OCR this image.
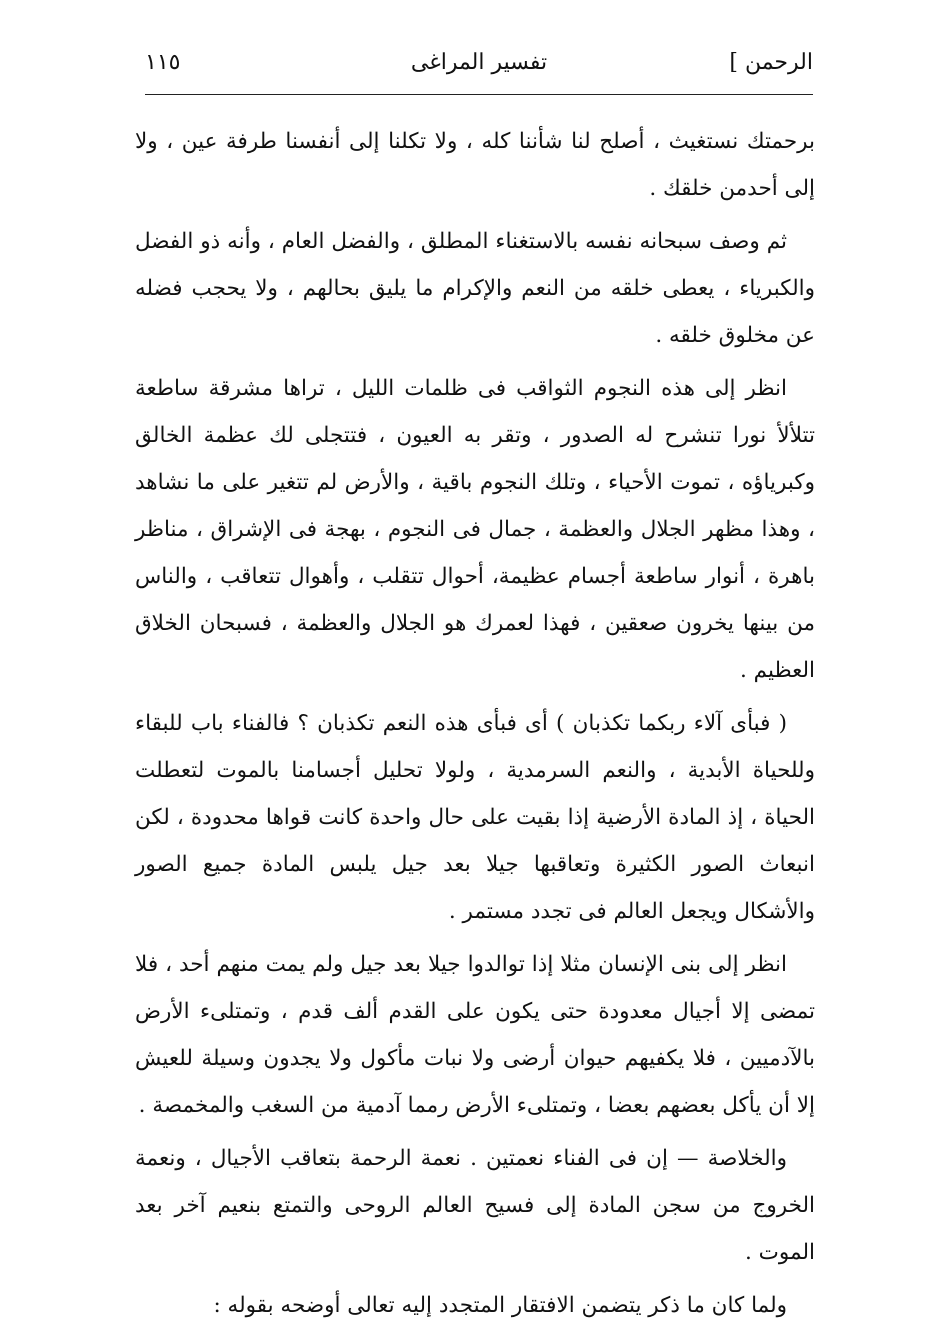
الرحمن ]
تفسير المراغى
١١٥

برحمتك نستغيث ، أصلح لنا شأننا كله ، ولا تكلنا إلى أنفسنا طرفة عين ، ولا إلى أحدمن خلقك .

ثم وصف سبحانه نفسه بالاستغناء المطلق ، والفضل العام ، وأنه ذو الفضل والكبرياء ، يعطى خلقه من النعم والإكرام ما يليق بحالهم ، ولا يحجب فضله عن مخلوق خلقه .

انظر إلى هذه النجوم الثواقب فى ظلمات الليل ، تراها مشرقة ساطعة تتلألأ نورا تنشرح له الصدور ، وتقر به العيون ، فتتجلى لك عظمة الخالق وكبرياؤه ، تموت الأحياء ، وتلك النجوم باقية ، والأرض لم تتغير على ما نشاهد ، وهذا مظهر الجلال والعظمة ، جمال فى النجوم ، بهجة فى الإشراق ، مناظر باهرة ، أنوار ساطعة أجسام عظيمة، أحوال تتقلب ، وأهوال تتعاقب ، والناس من بينها يخرون صعقين ، فهذا لعمرك هو الجلال والعظمة ، فسبحان الخلاق العظيم .

( فبأى آلاء ربكما تكذبان ) أى فبأى هذه النعم تكذبان ؟ فالفناء باب للبقاء وللحياة الأبدية ، والنعم السرمدية ، ولولا تحليل أجسامنا بالموت لتعطلت الحياة ، إذ المادة الأرضية إذا بقيت على حال واحدة كانت قواها محدودة ، لكن انبعاث الصور الكثيرة وتعاقبها جيلا بعد جيل يلبس المادة جميع الصور والأشكال ويجعل العالم فى تجدد مستمر .

انظر إلى بنى الإنسان مثلا إذا توالدوا جيلا بعد جيل ولم يمت منهم أحد ، فلا تمضى إلا أجيال معدودة حتى يكون على القدم ألف قدم ، وتمتلىء الأرض بالآدميين ، فلا يكفيهم حيوان أرضى ولا نبات مأكول ولا يجدون وسيلة للعيش إلا أن يأكل بعضهم بعضا ، وتمتلىء الأرض رمما آدمية من السغب والمخمصة .

والخلاصة — إن فى الفناء نعمتين . نعمة الرحمة بتعاقب الأجيال ، ونعمة الخروج من سجن المادة إلى فسيح العالم الروحى والتمتع بنعيم آخر بعد الموت .

ولما كان ما ذكر يتضمن الافتقار المتجدد إليه تعالى أوضحه بقوله :
